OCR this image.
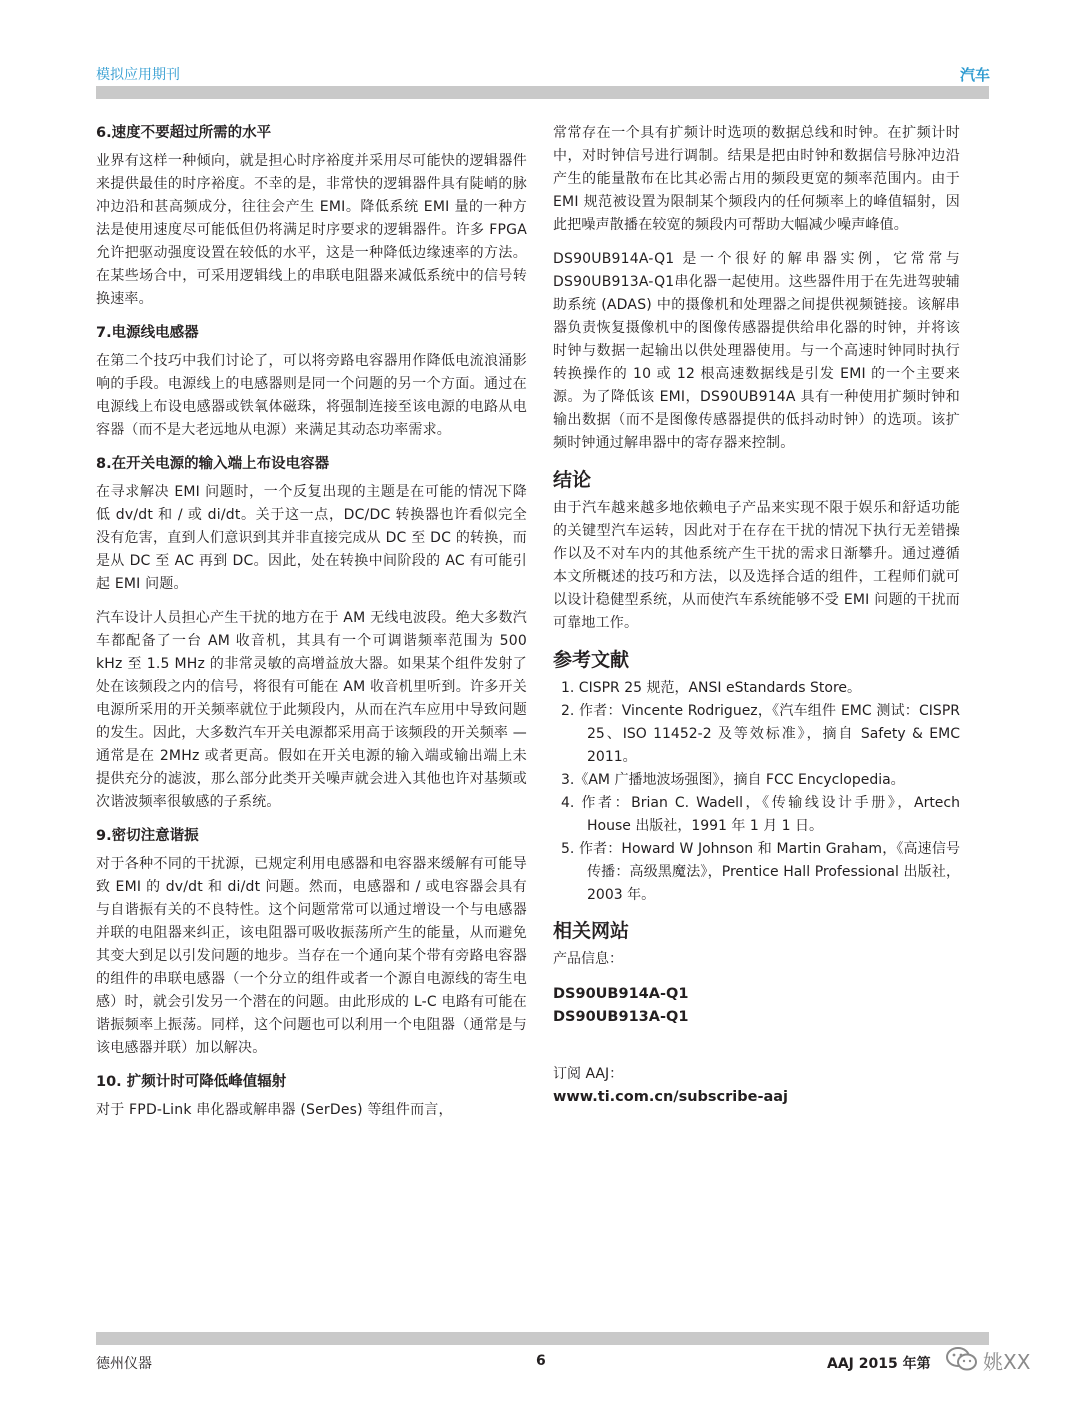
模拟应用期刊	汽车
6.速度不要超过所需的水平
业界有这样一种倾向，就是担心时序裕度并采用尽可能快的逻辑器件来提供最佳的时序裕度。不幸的是，非常快的逻辑器件具有陡峭的脉冲边沿和甚高频成分，往往会产生 EMI。降低系统 EMI 量的一种方法是使用速度尽可能低但仍将满足时序要求的逻辑器件。许多 FPGA 允许把驱动强度设置在较低的水平，这是一种降低边缘速率的方法。在某些场合中，可采用逻辑线上的串联电阻器来减低系统中的信号转换速率。
7.电源线电感器
在第二个技巧中我们讨论了，可以将旁路电容器用作降低电流浪涌影响的手段。电源线上的电感器则是同一个问题的另一个方面。通过在电源线上布设电感器或铁氧体磁珠，将强制连接至该电源的电路从电容器（而不是大老远地从电源）来满足其动态功率需求。
8.在开关电源的输入端上布设电容器
在寻求解决 EMI 问题时，一个反复出现的主题是在可能的情况下降低 dv/dt 和 / 或 di/dt。关于这一点，DC/DC 转换器也许看似完全没有危害，直到人们意识到其并非直接完成从 DC 至 DC 的转换，而是从 DC 至 AC 再到 DC。因此，处在转换中间阶段的 AC 有可能引起 EMI 问题。
汽车设计人员担心产生干扰的地方在于 AM 无线电波段。绝大多数汽车都配备了一台 AM 收音机，其具有一个可调谐频率范围为 500 kHz 至 1.5 MHz 的非常灵敏的高增益放大器。如果某个组件发射了处在该频段之内的信号，将很有可能在 AM 收音机里听到。许多开关电源所采用的开关频率就位于此频段内，从而在汽车应用中导致问题的发生。因此，大多数汽车开关电源都采用高于该频段的开关频率 — 通常是在 2MHz 或者更高。假如在开关电源的输入端或输出端上未提供充分的滤波，那么部分此类开关噪声就会进入其他也许对基频或次谐波频率很敏感的子系统。
9.密切注意谐振
对于各种不同的干扰源，已规定利用电感器和电容器来缓解有可能导致 EMI 的 dv/dt 和 di/dt 问题。然而，电感器和 / 或电容器会具有与自谐振有关的不良特性。这个问题常常可以通过增设一个与电感器并联的电阻器来纠正，该电阻器可吸收振荡所产生的能量，从而避免其变大到足以引发问题的地步。当存在一个通向某个带有旁路电容器的组件的串联电感器（一个分立的组件或者一个源自电源线的寄生电感）时，就会引发另一个潜在的问题。由此形成的 L-C 电路有可能在谐振频率上振荡。同样，这个问题也可以利用一个电阻器（通常是与该电感器并联）加以解决。
10. 扩频计时可降低峰值辐射
对于 FPD-Link 串化器或解串器 (SerDes) 等组件而言，
常常存在一个具有扩频计时选项的数据总线和时钟。在扩频计时中，对时钟信号进行调制。结果是把由时钟和数据信号脉冲边沿产生的能量散布在比其必需占用的频段更宽的频率范围内。由于 EMI 规范被设置为限制某个频段内的任何频率上的峰值辐射，因此把噪声散播在较宽的频段内可帮助大幅减少噪声峰值。
DS90UB914A-Q1 是一个很好的解串器实例，它常常与 DS90UB913A-Q1串化器一起使用。这些器件用于在先进驾驶辅助系统 (ADAS) 中的摄像机和处理器之间提供视频链接。该解串器负责恢复摄像机中的图像传感器提供给串化器的时钟，并将该时钟与数据一起输出以供处理器使用。与一个高速时钟同时执行转换操作的 10 或 12 根高速数据线是引发 EMI 的一个主要来源。为了降低该 EMI，DS90UB914A 具有一种使用扩频时钟和输出数据（而不是图像传感器提供的低抖动时钟）的选项。该扩频时钟通过解串器中的寄存器来控制。
结论
由于汽车越来越多地依赖电子产品来实现不限于娱乐和舒适功能的关键型汽车运转，因此对于在存在干扰的情况下执行无差错操作以及不对车内的其他系统产生干扰的需求日渐攀升。通过遵循本文所概述的技巧和方法，以及选择合适的组件，工程师们就可以设计稳健型系统，从而使汽车系统能够不受 EMI 问题的干扰而可靠地工作。
参考文献
1. CISPR 25 规范，ANSI eStandards Store。
2. 作者：Vincente Rodriguez，《汽车组件 EMC 测试：CISPR 25、ISO 11452-2 及等效标准》，摘自 Safety & EMC 2011。
3.《AM 广播地波场强图》，摘自 FCC Encyclopedia。
4. 作者：Brian C. Wadell，《传输线设计手册》，Artech House 出版社，1991 年 1 月 1 日。
5. 作者：Howard W Johnson 和 Martin Graham，《高速信号传播：高级黑魔法》，Prentice Hall Professional 出版社，2003 年。
相关网站
产品信息：
DS90UB914A-Q1
DS90UB913A-Q1
订阅 AAJ：
www.ti.com.cn/subscribe-aaj
德州仪器	6	AAJ 2015 年第	姚XX
